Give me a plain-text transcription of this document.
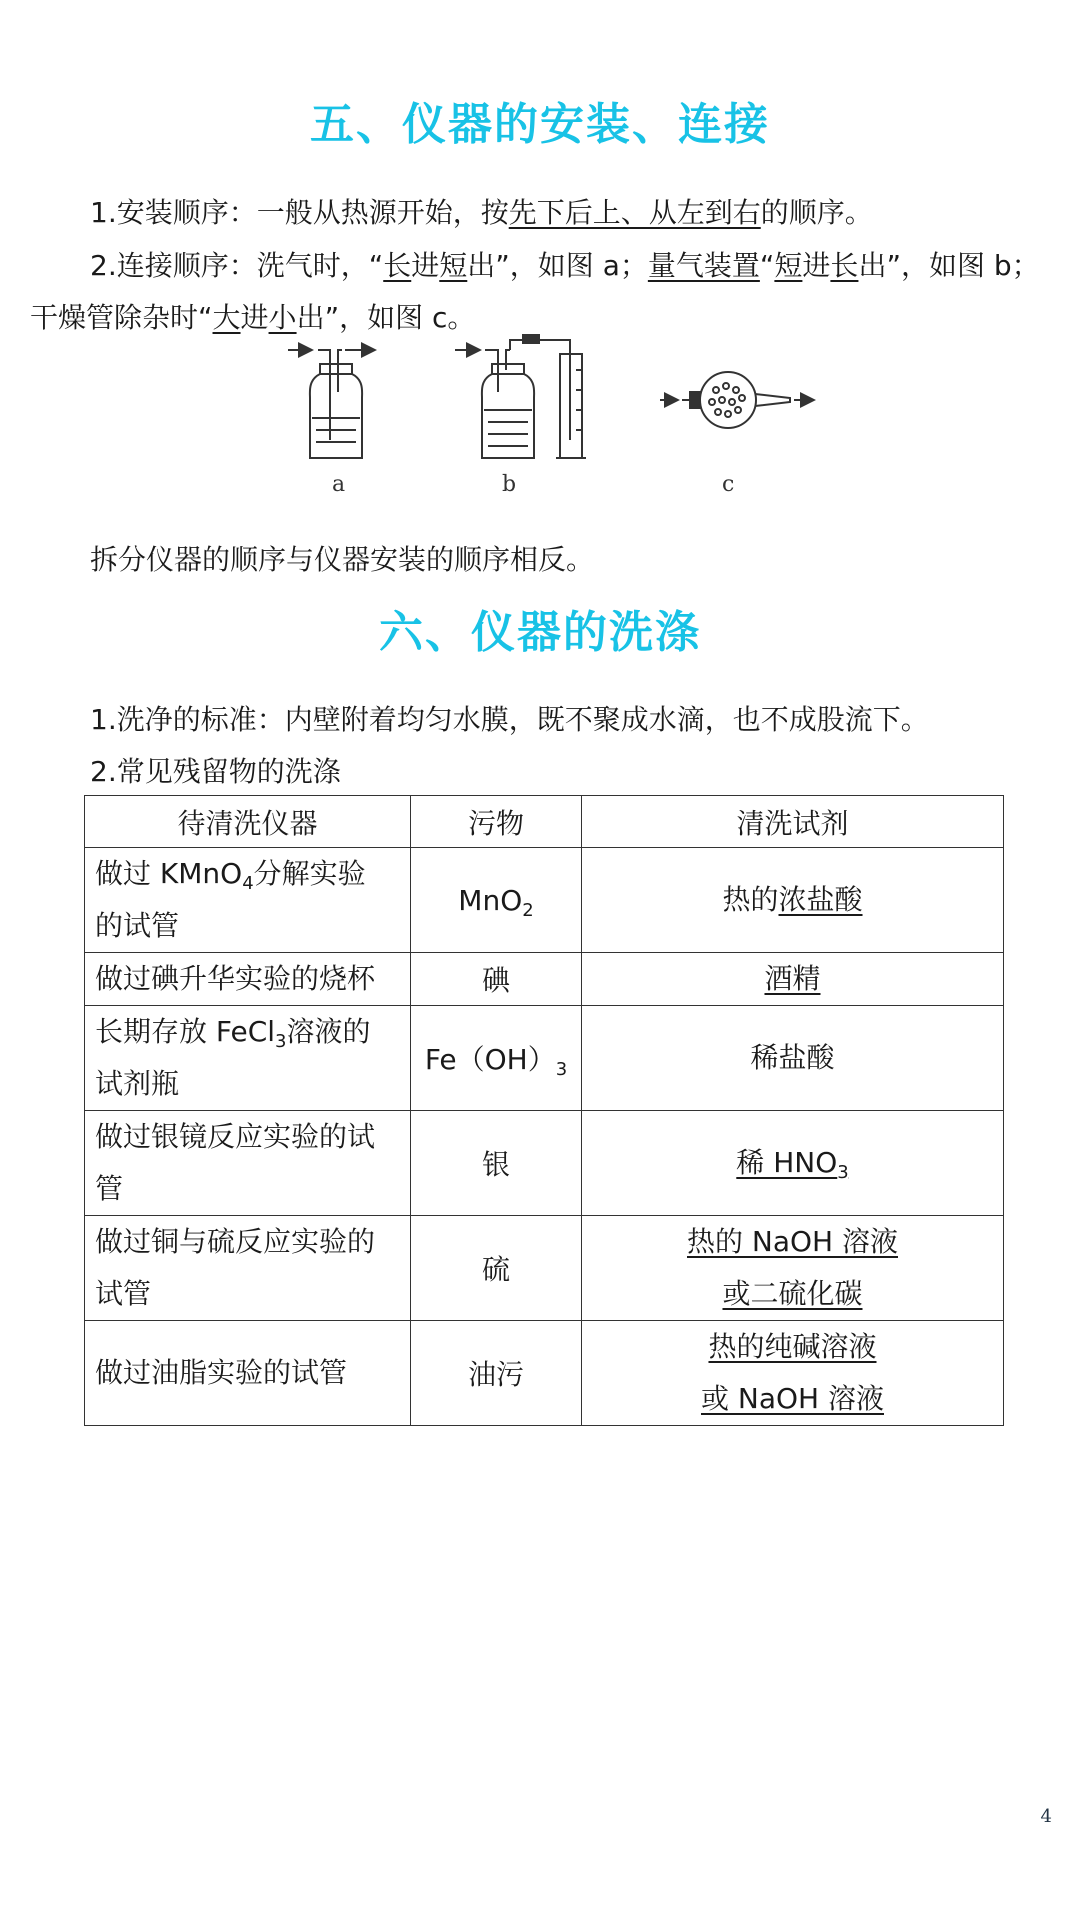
五、仪器的安装、连接
1.安装顺序：一般从热源开始，按先下后上、从左到右的顺序。
2.连接顺序：洗气时，“长进短出”，如图 a；量气装置“短进长出”，如图 b；
干燥管除杂时“大进小出”，如图 c。
a	b	c
拆分仪器的顺序与仪器安装的顺序相反。
六、仪器的洗涤
1.洗净的标准：内壁附着均匀水膜，既不聚成水滴，也不成股流下。
2.常见残留物的洗涤
待清洗仪器	污物	清洗试剂

做过 KMnO$_4$分解实验
的试管	MnO$_2$	热的浓盐酸
做过碘升华实验的烧杯	碘	酒精

长期存放 FeCl$_3$溶液的
试剂瓶	$Fe(OH)_3$	稀盐酸

做过银镜反应实验的试
管	银	稀 $HNO_3$

做过铜与硫反应实验的
试管	硫	热的 NaOH 溶液
或二硫化碳

做过油脂实验的试管	油污	热的纯碱溶液
或 NaOH 溶液
4
